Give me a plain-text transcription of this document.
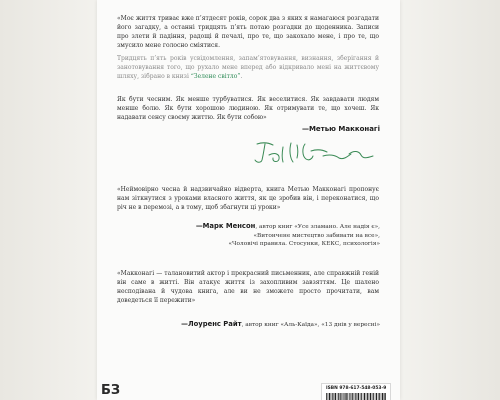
«Моє життя триває вже п’ятдесят років, сорок два з яких я намагаюся розгадати його загадку, а останні тридцять п’ять потаю розгадки до щоденника. Записи про злети й падіння, радощі й печалі, про те, що закохало мене, і про те, що змусило мене голосно сміятися.

Тридцять п’ять років усвідомлення, запам’ятовування, визнання, зберігання й занотовування того, що рухало мене вперед або відкривало мені на життєвому шляху, зібрано в книзі “Зелене світло”.

Як бути чесним. Як менше турбуватися. Як веселитися. Як завдавати людям менше болю. Як бути хорошою людиною. Як отримувати те, що хочеш. Як надавати сенсу своєму життю. Як бути собою»

—Метью Макконагі

«Неймовірно чесна й надзвичайно відверта, книга Метью Макконагі пропонує нам зіткнутися з уроками власного життя, як це зробив він, і переконатися, що річ не в перемозі, а в тому, щоб збагнути ці уроки»

—Марк Менсон, автор книг «Усе зламано. Але надія є»,
«Витончене мистецтво забивати на все»,
«Чоловічі правила. Стосунки, КЕКС, психологія»

«Макконагі — талановитий актор і прекрасний письменник, але справжній геній він саме в житті. Він атакує життя із захопливим завзяттям. Це шалено несподівана й чудова книга, але ви не зможете просто прочитати, вам доведеться її пережити»

—Лоуренс Райт, автор книг «Аль-Каїда», «13 днів у вересні»
БЗ	ISBN 978-617-548-053-9
